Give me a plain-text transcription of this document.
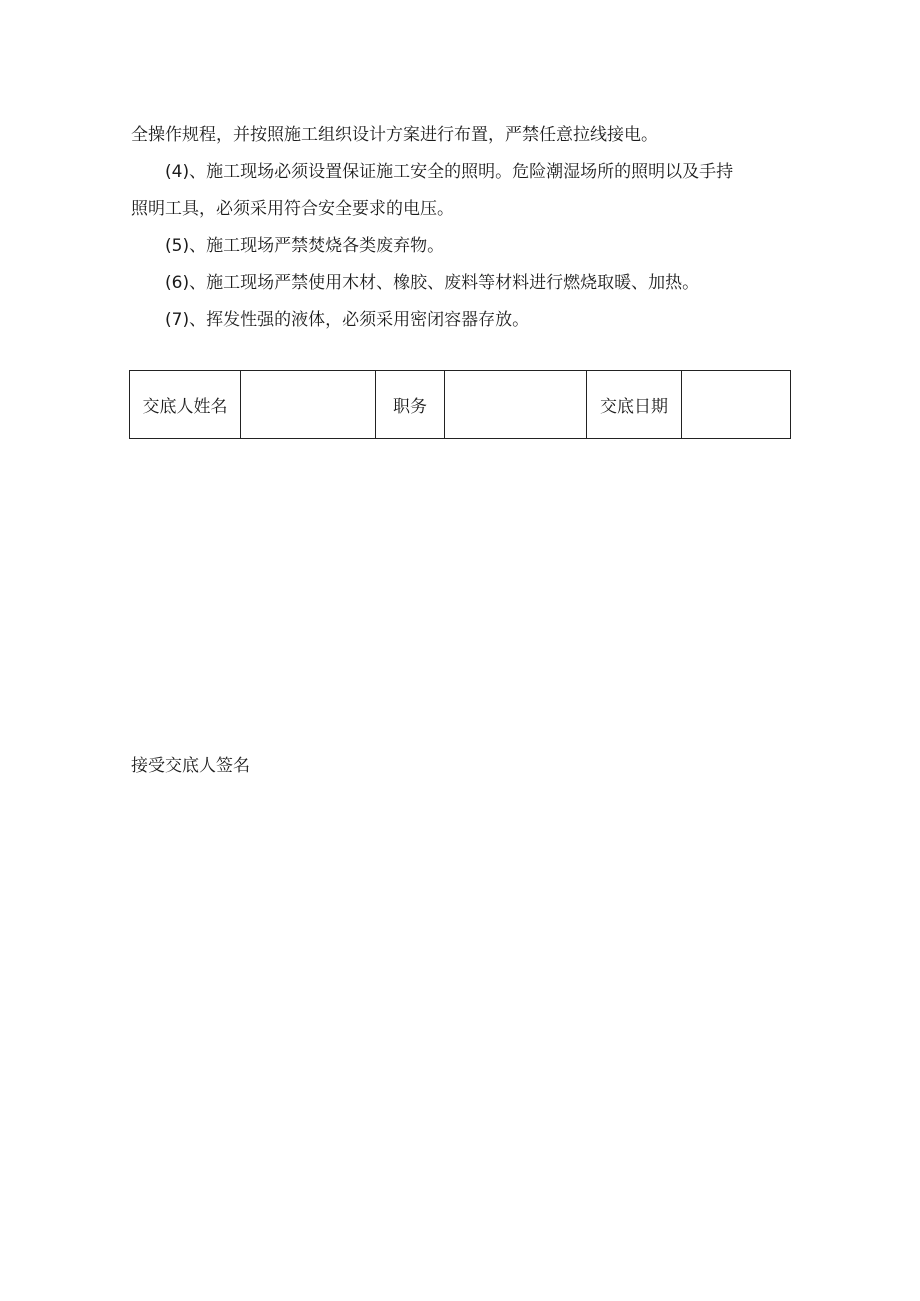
全操作规程，并按照施工组织设计方案进行布置，严禁任意拉线接电。

(4)、施工现场必须设置保证施工安全的照明。危险潮湿场所的照明以及手持

照明工具，必须采用符合安全要求的电压。

(5)、施工现场严禁焚烧各类废弃物。

(6)、施工现场严禁使用木材、橡胶、废料等材料进行燃烧取暖、加热。

(7)、挥发性强的液体，必须采用密闭容器存放。

交底人姓名		职务		交底日期	

接受交底人签名
